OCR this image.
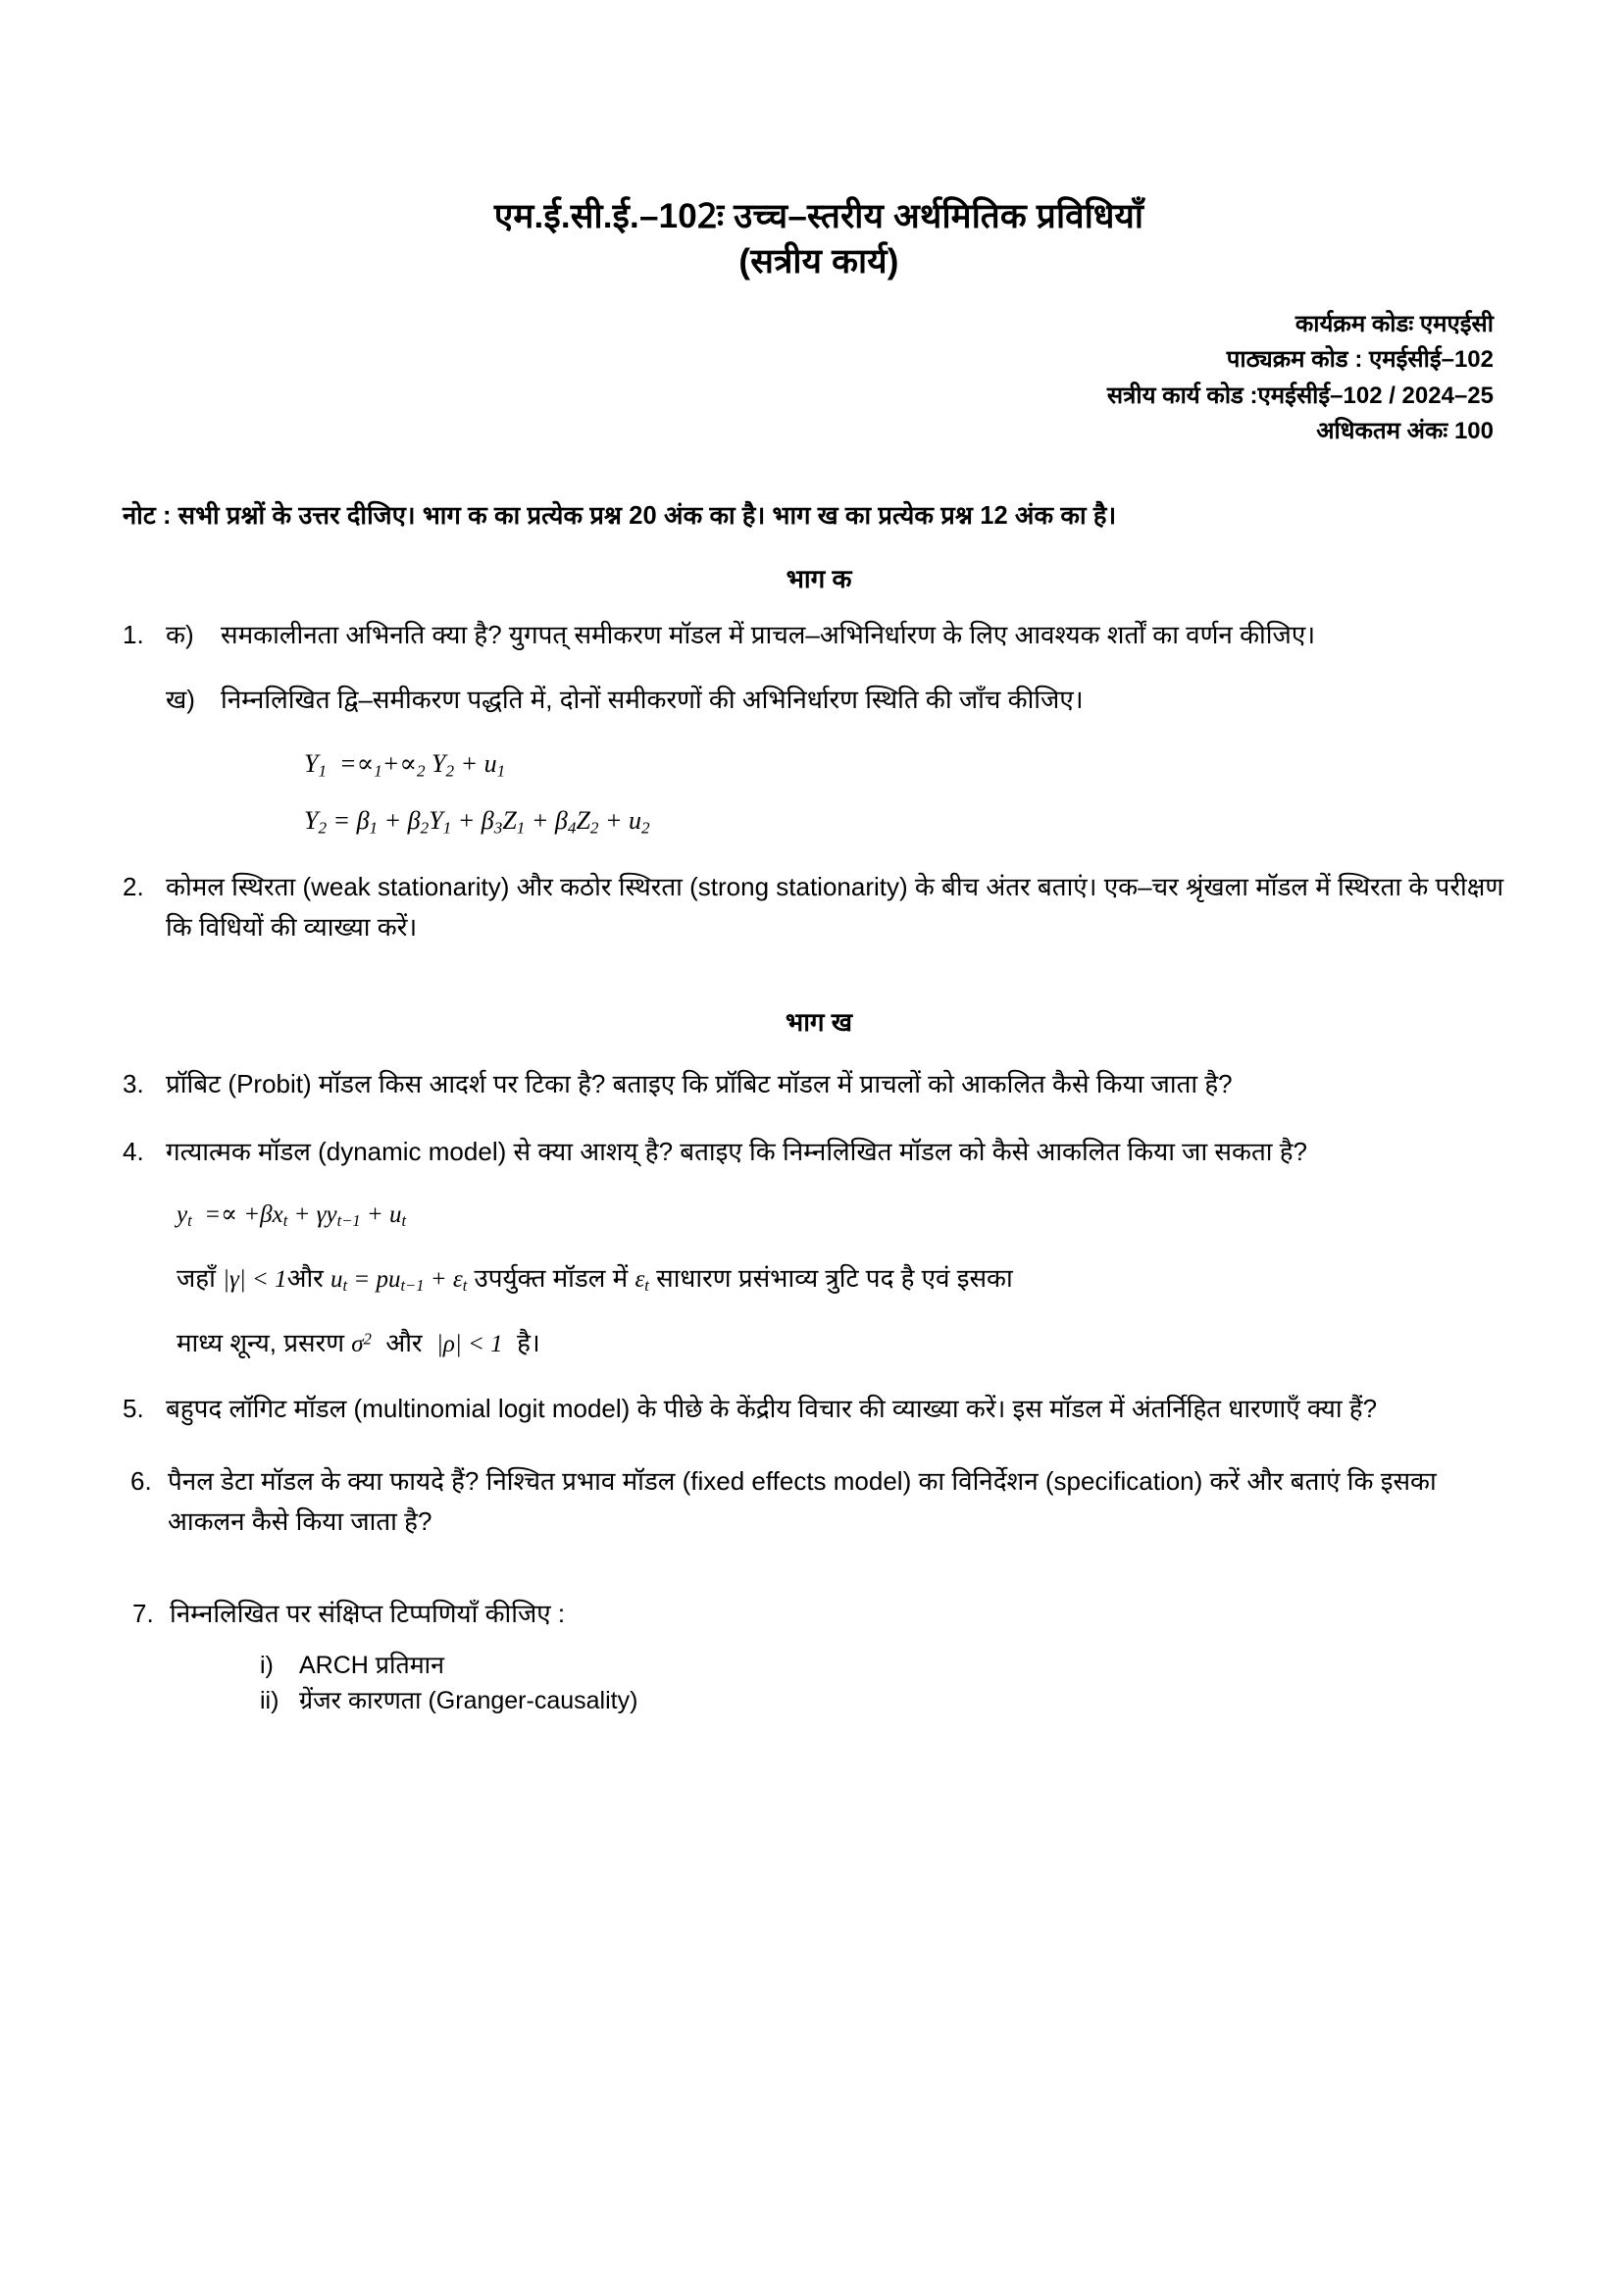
एम.ई.सी.ई.–102ः उच्च–स्तरीय अर्थमितिक प्रविधियाँ
(सत्रीय कार्य)
कार्यक्रम कोडः एमएईसी
पाठ्यक्रम कोड : एमईसीई–102
सत्रीय कार्य कोड :एमईसीई–102 / 2024–25
अधिकतम अंकः 100
नोट : सभी प्रश्नों के उत्तर दीजिए। भाग क का प्रत्येक प्रश्न 20 अंक का है। भाग ख का प्रत्येक प्रश्न 12 अंक का है।
भाग क
1. क)	समकालीनता अभिनति क्या है? युगपत् समीकरण मॉडल में प्राचल–अभिनिर्धारण के लिए आवश्यक शर्तों का वर्णन कीजिए।
ख)	निम्नलिखित द्वि–समीकरण पद्धति में, दोनों समीकरणों की अभिनिर्धारण स्थिति की जाँच कीजिए।
$Y_1 =\propto_1+\propto_2$ $Y_2 + u_1$
$Y_2 = \beta_1 + \beta_2Y_1 + \beta_3Z_1 + \beta_4Z_2 + u_2$
2. कोमल स्थिरता (weak stationarity) और कठोर स्थिरता (strong stationarity) के बीच अंतर बताएं। एक–चर श्रृंखला मॉडल में स्थिरता के परीक्षण कि विधियों की व्याख्या करें।
भाग ख
3. प्रॉबिट (Probit) मॉडल किस आदर्श पर टिका है? बताइए कि प्रॉबिट मॉडल में प्राचलों को आकलित कैसे किया जाता है?
4. गत्यात्मक मॉडल (dynamic model) से क्या आशय् है? बताइए कि निम्नलिखित मॉडल को कैसे आकलित किया जा सकता है?
$y_t =\propto +\beta x_t + \gamma y_{t-1} + u_t$
जहाँ |γ| < 1और $u_t = pu_{t-1} + \varepsilon_t$ उपर्युक्त मॉडल में $\varepsilon_t$ साधारण प्रसंभाव्य त्रुटि पद है एवं इसका
माध्य शून्य, प्रसरण $\sigma^2$ और |ρ| < 1 है।
5. बहुपद लॉगिट मॉडल (multinomial logit model) के पीछे के केंद्रीय विचार की व्याख्या करें। इस मॉडल में अंतर्निहित धारणाएँ क्या हैं?
6. पैनल डेटा मॉडल के क्या फायदे हैं? निश्चित प्रभाव मॉडल (fixed effects model) का विनिर्देशन (specification) करें और बताएं कि इसका आकलन कैसे किया जाता है?
7. निम्नलिखित पर संक्षिप्त टिप्पणियाँ कीजिए :
i)	ARCH प्रतिमान
ii) ग्रेंजर कारणता (Granger-causality)
